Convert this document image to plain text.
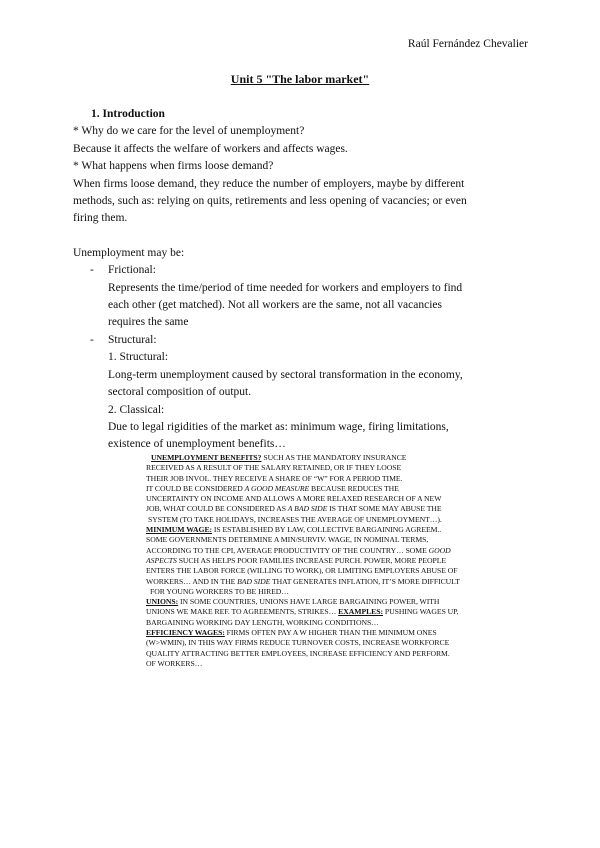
Raúl Fernández Chevalier
Unit 5 "The labor market"
1. Introduction
* Why do we care for the level of unemployment?
Because it affects the welfare of workers and affects wages.
* What happens when firms loose demand?
When firms loose demand, they reduce the number of employers, maybe by different
methods, such as: relying on quits, retirements and less opening of vacancies; or even
firing them.
Unemployment may be:
-	Frictional:
Represents the time/period of time needed for workers and employers to find
each other (get matched). Not all workers are the same, not all vacancies
requires the same
-	Structural:
1. Structural:
Long-term unemployment caused by sectoral transformation in the economy,
sectoral composition of output.
2. Classical:
Due to legal rigidities of the market as: minimum wage, firing limitations,
existence of unemployment benefits…
UNEMPLOYMENT BENEFITS? SUCH AS THE MANDATORY INSURANCE
RECEIVED AS A RESULT OF THE SALARY RETAINED, OR IF THEY LOOSE
THEIR JOB INVOL. THEY RECEIVE A SHARE OF “W” FOR A PERIOD TIME.
IT COULD BE CONSIDERED A GOOD MEASURE BECAUSE REDUCES THE
UNCERTAINTY ON INCOME AND ALLOWS A MORE RELAXED RESEARCH OF A NEW
JOB, WHAT COULD BE CONSIDERED AS A BAD SIDE IS THAT SOME MAY ABUSE THE
SYSTEM (TO TAKE HOLIDAYS, INCREASES THE AVERAGE OF UNEMPLOYMENT…).
MINIMUM WAGE: IS ESTABLISHED BY LAW, COLLECTIVE BARGAINING AGREEM..
SOME GOVERNMENTS DETERMINE A MIN/SURVIV. WAGE, IN NOMINAL TERMS,
ACCORDING TO THE CPI, AVERAGE PRODUCTIVITY OF THE COUNTRY… SOME GOOD
ASPECTS SUCH AS HELPS POOR FAMILIES INCREASE PURCH. POWER, MORE PEOPLE
ENTERS THE LABOR FORCE (WILLING TO WORK), OR LIMITING EMPLOYERS ABUSE OF
WORKERS… AND IN THE BAD SIDE THAT GENERATES INFLATION, IT’S MORE DIFFICULT
FOR YOUNG WORKERS TO BE HIRED…
UNIONS: IN SOME COUNTRIES, UNIONS HAVE LARGE BARGAINING POWER, WITH
UNIONS WE MAKE REF. TO AGREEMENTS, STRIKES… EXAMPLES: PUSHING WAGES UP,
BARGAINING WORKING DAY LENGTH, WORKING CONDITIONS…
EFFICIENCY WAGES: FIRMS OFTEN PAY A W HIGHER THAN THE MINIMUM ONES
(W>WMIN), IN THIS WAY FIRMS REDUCE TURNOVER COSTS, INCREASE WORKFORCE
QUALITY ATTRACTING BETTER EMPLOYEES, INCREASE EFFICIENCY AND PERFORM.
OF WORKERS…
